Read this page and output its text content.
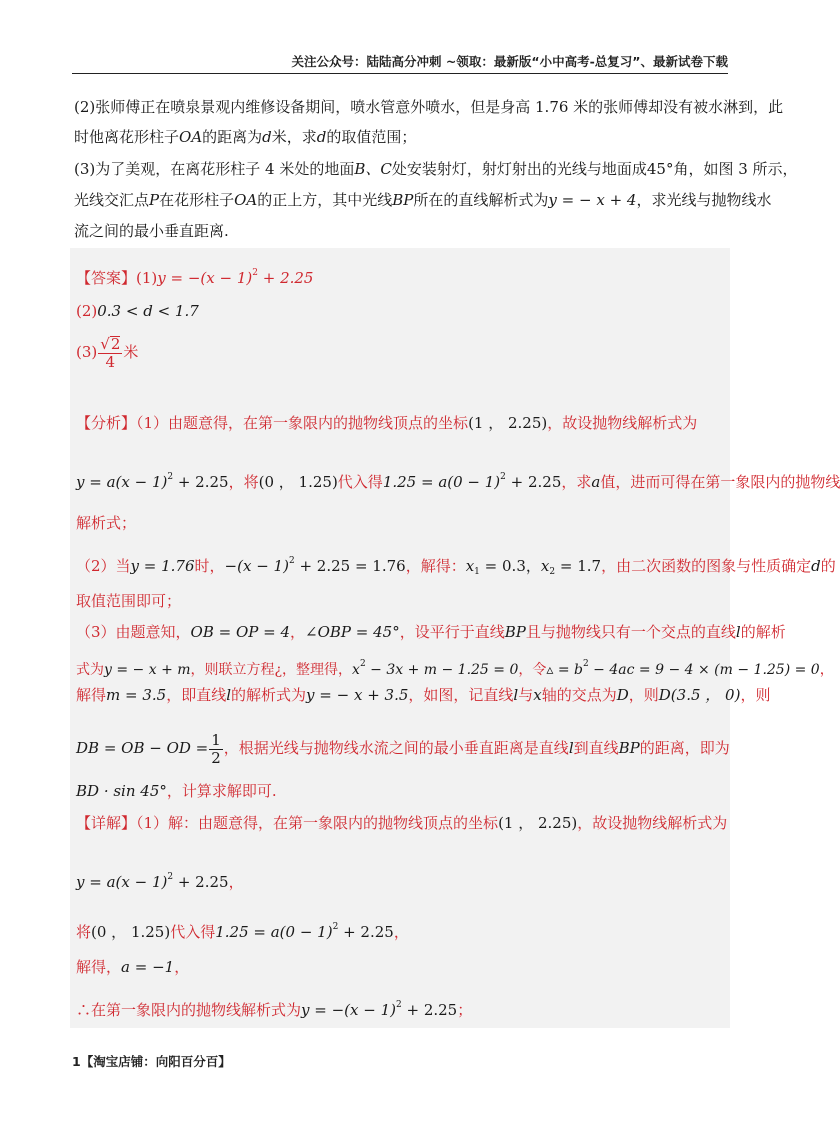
关注公众号：陆陆高分冲刺 ~领取：最新版“小中高考-总复习”、最新试卷下载
(2)张师傅正在喷泉景观内维修设备期间，喷水管意外喷水，但是身高 1.76 米的张师傅却没有被水淋到，此
时他离花形柱子OA的距离为d米，求d的取值范围；
(3)为了美观，在离花形柱子 4 米处的地面B、C处安装射灯，射灯射出的光线与地面成45°角，如图 3 所示，
光线交汇点P在花形柱子OA的正上方，其中光线BP所在的直线解析式为y = − x + 4，求光线与抛物线水
流之间的最小垂直距离.
【答案】$(1)y = -(x - 1)^2 + 2.25$
(2)0.3 < d < 1.7
$(3) \frac{√2}{4}$ 米
【分析】（1）由题意得，在第一象限内的抛物线顶点的坐标(1 ， 2.25)，故设抛物线解析式为
$y = a(x - 1)^2 + 2.25$，将(0 ， 1.25)代入得$1.25 = a(0 - 1)^2 + 2.25$，求a值，进而可得在第一象限内的抛物线
解析式；
（2）当y = 1.76时，$-(x - 1)^2 + 2.25 = 1.76$，解得：$x_1 = 0.3$，$x_2 = 1.7$，由二次函数的图象与性质确定d的
取值范围即可；
（3）由题意知，OB = OP = 4，∠OBP = 45°，设平行于直线BP且与抛物线只有一个交点的直线l的解析
式为y = − x + m，则联立方程¿，整理得，$x^2 - 3x + m - 1.25 = 0$，令▵ = $b^2 - 4ac = 9 - 4 \times (m - 1.25) = 0$，
解得m = 3.5，即直线l的解析式为y = − x + 3.5，如图，记直线l与x轴的交点为D，则D(3.5 ， 0)，则
DB = OB − OD = $\frac{1}{2}$ ，根据光线与抛物线水流之间的最小垂直距离是直线l到直线BP的距离，即为
BD · sin 45°，计算求解即可.
【详解】（1）解：由题意得，在第一象限内的抛物线顶点的坐标(1 ， 2.25)，故设抛物线解析式为
$y = a(x - 1)^2 + 2.25$，
将(0 ， 1.25)代入得$1.25 = a(0 - 1)^2 + 2.25$，
解得，a = −1，
∴在第一象限内的抛物线解析式为$y = -(x - 1)^2 + 2.25$；
1【淘宝店铺：向阳百分百】
